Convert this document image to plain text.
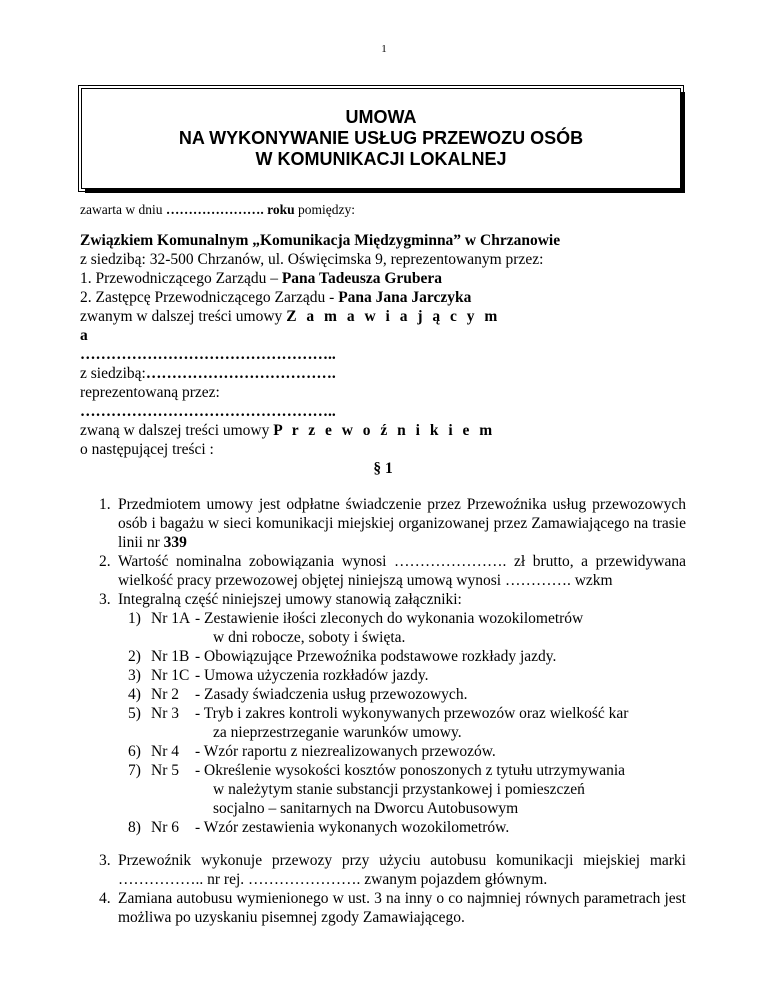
1
UMOWA
NA WYKONYWANIE USŁUG PRZEWOZU OSÓB
W KOMUNIKACJI LOKALNEJ
zawarta w dniu …………………. roku pomiędzy:
Związkiem Komunalnym „Komunikacja Międzygminna” w Chrzanowie
z siedzibą: 32-500 Chrzanów, ul. Oświęcimska 9, reprezentowanym przez:
1. Przewodniczącego Zarządu – Pana Tadeusza Grubera
2. Zastępcę Przewodniczącego Zarządu - Pana Jana Jarczyka
zwanym w dalszej treści umowy Z a m a w i a j ą c y m
a
…………………………………………..
z siedzibą:……………………………….
reprezentowaną przez:
…………………………………………..
zwaną w dalszej treści umowy P r z e w o ź n i k i e m
o następującej treści :
§ 1
1. Przedmiotem umowy jest odpłatne świadczenie przez Przewoźnika usług przewozowych osób i bagażu w sieci komunikacji miejskiej organizowanej przez Zamawiającego na trasie linii nr 339
2. Wartość nominalna zobowiązania wynosi …………………. zł brutto, a przewidywana wielkość pracy przewozowej objętej niniejszą umową wynosi …………. wzkm
3. Integralną część niniejszej umowy stanowią załączniki:
1) Nr 1A - Zestawienie iłości zleconych do wykonania wozokilometrów
w dni robocze, soboty i święta.
2) Nr 1B - Obowiązujące Przewoźnika podstawowe rozkłady jazdy.
3) Nr 1C - Umowa użyczenia rozkładów jazdy.
4) Nr 2 - Zasady świadczenia usług przewozowych.
5) Nr 3 - Tryb i zakres kontroli wykonywanych przewozów oraz wielkość kar
za nieprzestrzeganie warunków umowy.
6) Nr 4 - Wzór raportu z niezrealizowanych przewozów.
7) Nr 5 - Określenie wysokości kosztów ponoszonych z tytułu utrzymywania
w należytym stanie substancji przystankowej i pomieszczeń
socjalno – sanitarnych na Dworcu Autobusowym
8) Nr 6 - Wzór zestawienia wykonanych wozokilometrów.
3. Przewoźnik wykonuje przewozy przy użyciu autobusu komunikacji miejskiej marki …………….. nr rej. …………………. zwanym pojazdem głównym.
4. Zamiana autobusu wymienionego w ust. 3 na inny o co najmniej równych parametrach jest możliwa po uzyskaniu pisemnej zgody Zamawiającego.
